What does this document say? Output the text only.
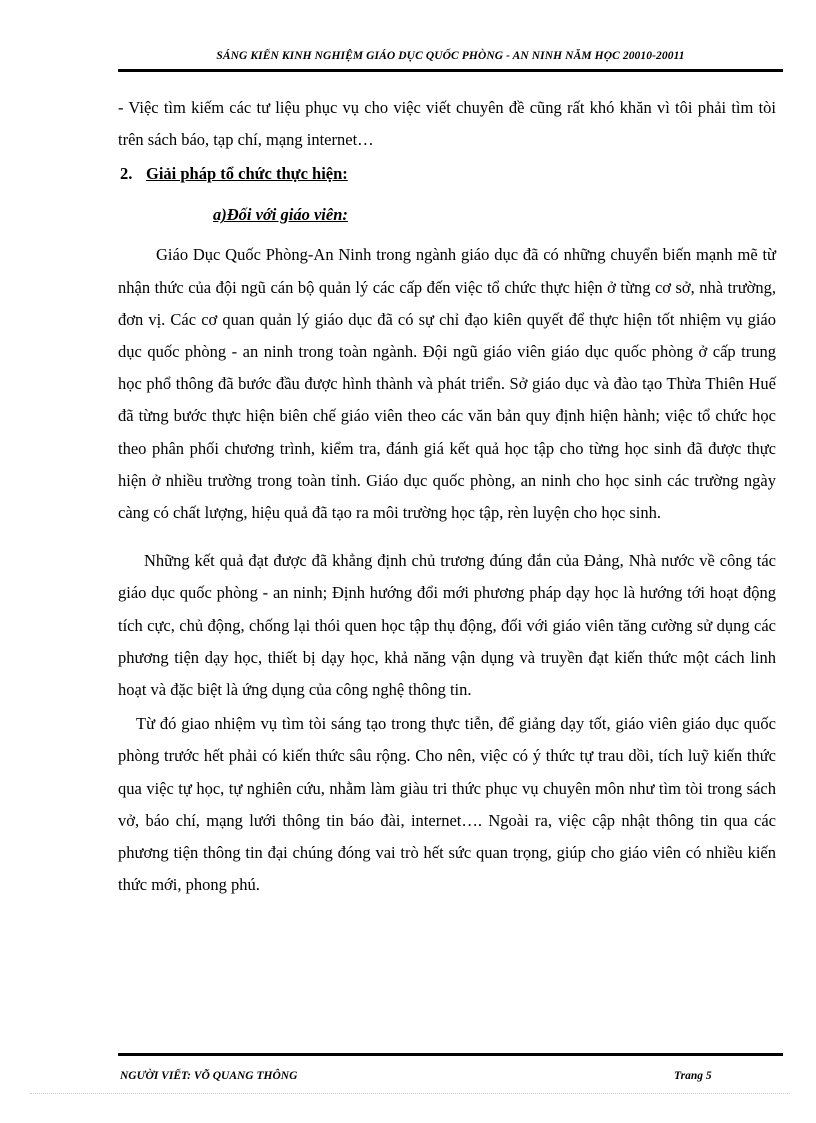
SÁNG KIẾN KINH NGHIỆM GIÁO DỤC QUỐC PHÒNG - AN NINH NĂM HỌC 20010-20011

- Việc tìm kiếm các tư liệu phục vụ cho việc viết chuyên đề cũng rất khó khăn vì tôi phải tìm tòi trên sách báo, tạp chí, mạng internet…

2. Giải pháp tổ chức thực hiện:

a)Đối với giáo viên:

Giáo Dục Quốc Phòng-An Ninh trong ngành giáo dục đã có những chuyển biến mạnh mẽ từ nhận thức của đội ngũ cán bộ quản lý các cấp đến việc tổ chức thực hiện ở từng cơ sở, nhà trường, đơn vị. Các cơ quan quản lý giáo dục đã có sự chỉ đạo kiên quyết để thực hiện tốt nhiệm vụ giáo dục quốc phòng - an ninh trong toàn ngành. Đội ngũ giáo viên giáo dục quốc phòng ở cấp trung học phổ thông đã bước đầu được hình thành và phát triển. Sở giáo dục và đào tạo Thừa Thiên Huế đã từng bước thực hiện biên chế giáo viên theo các văn bản quy định hiện hành; việc tổ chức học theo phân phối chương trình, kiểm tra, đánh giá kết quả học tập cho từng học sinh đã được thực hiện ở nhiều trường trong toàn tỉnh. Giáo dục quốc phòng, an ninh cho học sinh các trường ngày càng có chất lượng, hiệu quả đã tạo ra môi trường học tập, rèn luyện cho học sinh.

Những kết quả đạt được đã khẳng định chủ trương đúng đắn của Đảng, Nhà nước về công tác giáo dục quốc phòng - an ninh; Định hướng đổi mới phương pháp dạy học là hướng tới hoạt động tích cực, chủ động, chống lại thói quen học tập thụ động, đối với giáo viên tăng cường sử dụng các phương tiện dạy học, thiết bị dạy học, khả năng vận dụng và truyền đạt kiến thức một cách linh hoạt và đặc biệt là ứng dụng của công nghệ thông tin.

Từ đó giao nhiệm vụ tìm tòi sáng tạo trong thực tiễn, để giảng dạy tốt, giáo viên giáo dục quốc phòng trước hết phải có kiến thức sâu rộng. Cho nên, việc có ý thức tự trau dồi, tích luỹ kiến thức qua việc tự học, tự nghiên cứu, nhằm làm giàu tri thức phục vụ chuyên môn như tìm tòi trong sách vở, báo chí, mạng lưới thông tin báo đài, internet…. Ngoài ra, việc cập nhật thông tin qua các phương tiện thông tin đại chúng đóng vai trò hết sức quan trọng, giúp cho giáo viên có nhiều kiến thức mới, phong phú.

NGƯỜI VIẾT: VÕ QUANG THÔNG	Trang 5
